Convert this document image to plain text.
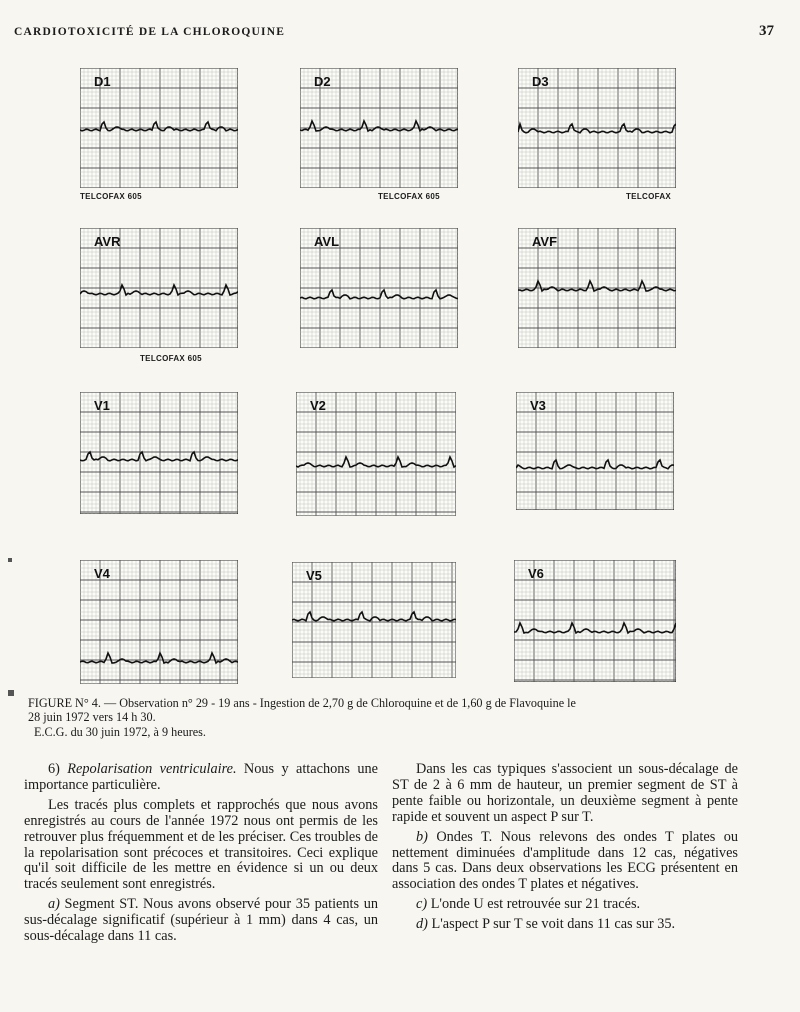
CARDIOTOXICITÉ DE LA CHLOROQUINE	37
D1
TELCOFAX 605
D2
TELCOFAX 605
D3
TELCOFAX
AVR
TELCOFAX 605
AVL	AVF
V1	V2	V3
V4	V5	V6
FIGURE N° 4. — Observation n° 29 - 19 ans - Ingestion de 2,70 g de Chloroquine et de 1,60 g de Flavoquine le
28 juin 1972 vers 14 h 30.
E.C.G. du 30 juin 1972, à 9 heures.

6) Repolarisation ventriculaire. Nous y attachons une importance particulière.

Les tracés plus complets et rapprochés que nous avons enregistrés au cours de l'année 1972 nous ont permis de les retrouver plus fréquemment et de les préciser. Ces troubles de la repolarisation sont précoces et transitoires. Ceci explique qu'il soit difficile de les mettre en évidence si un ou deux tracés seulement sont enregistrés.

a) Segment ST. Nous avons observé pour 35 patients un sus-décalage significatif (supérieur à 1 mm) dans 4 cas, un sous-décalage dans 11 cas.

Dans les cas typiques s'associent un sous-décalage de ST de 2 à 6 mm de hauteur, un premier segment de ST à pente faible ou horizontale, un deuxième segment à pente rapide et souvent un aspect P sur T.

b) Ondes T. Nous relevons des ondes T plates ou nettement diminuées d'amplitude dans 12 cas, négatives dans 5 cas. Dans deux observations les ECG présentent en association des ondes T plates et négatives.

c) L'onde U est retrouvée sur 21 tracés.

d) L'aspect P sur T se voit dans 11 cas sur 35.
